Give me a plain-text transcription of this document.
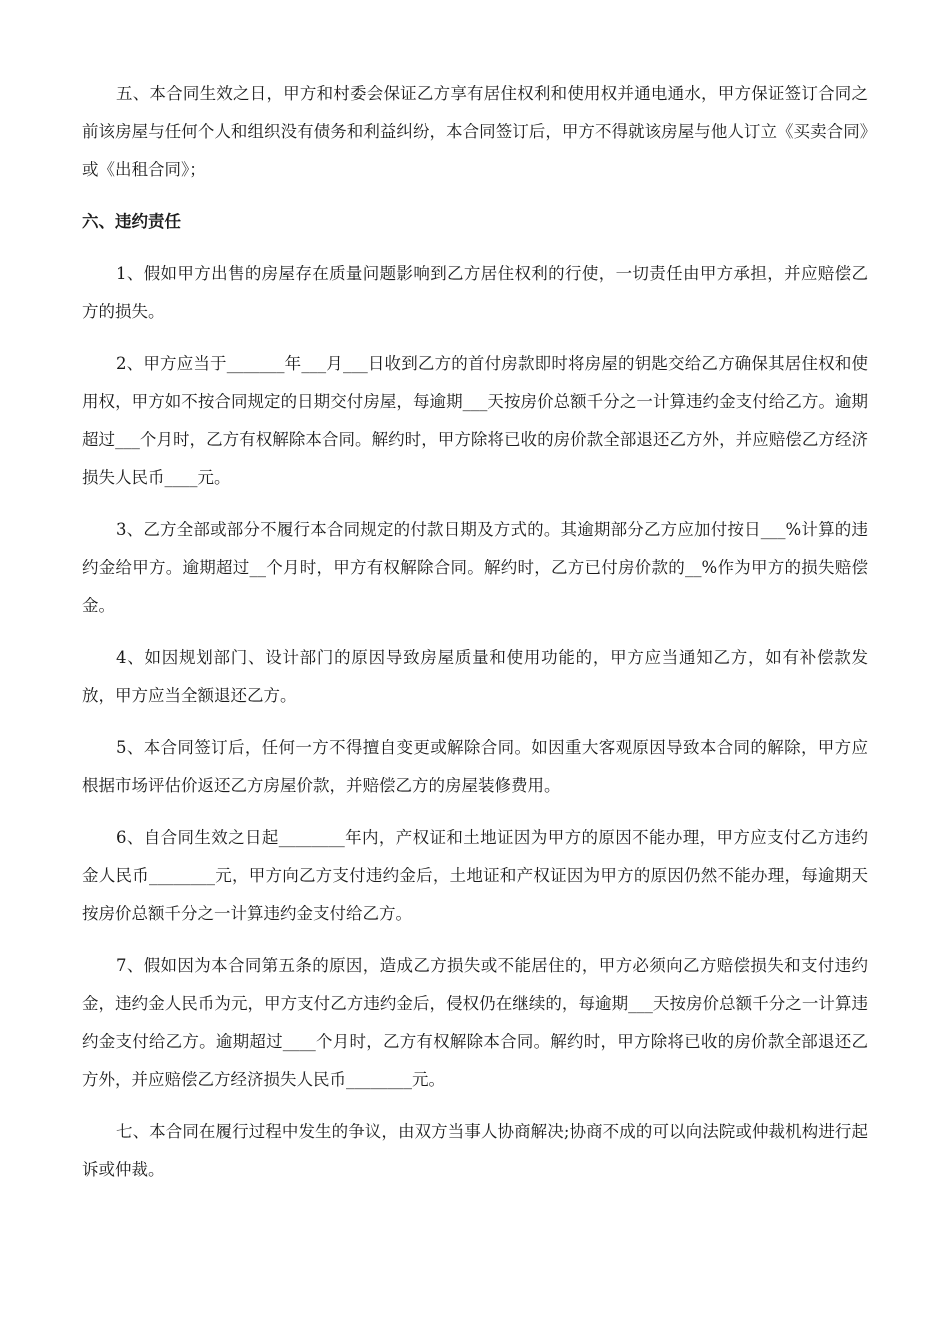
五、本合同生效之日，甲方和村委会保证乙方享有居住权利和使用权并通电通水，甲方保证签订合同之前该房屋与任何个人和组织没有债务和利益纠纷，本合同签订后，甲方不得就该房屋与他人订立《买卖合同》或《出租合同》；

六、违约责任

1、假如甲方出售的房屋存在质量问题影响到乙方居住权利的行使，一切责任由甲方承担，并应赔偿乙方的损失。

2、甲方应当于_______年___月___日收到乙方的首付房款即时将房屋的钥匙交给乙方确保其居住权和使用权，甲方如不按合同规定的日期交付房屋，每逾期___天按房价总额千分之一计算违约金支付给乙方。逾期超过___个月时，乙方有权解除本合同。解约时，甲方除将已收的房价款全部退还乙方外，并应赔偿乙方经济损失人民币____元。

3、乙方全部或部分不履行本合同规定的付款日期及方式的。其逾期部分乙方应加付按日___%计算的违约金给甲方。逾期超过__个月时，甲方有权解除合同。解约时，乙方已付房价款的__%作为甲方的损失赔偿金。

4、如因规划部门、设计部门的原因导致房屋质量和使用功能的，甲方应当通知乙方，如有补偿款发放，甲方应当全额退还乙方。

5、本合同签订后，任何一方不得擅自变更或解除合同。如因重大客观原因导致本合同的解除，甲方应根据市场评估价返还乙方房屋价款，并赔偿乙方的房屋装修费用。

6、自合同生效之日起________年内，产权证和土地证因为甲方的原因不能办理，甲方应支付乙方违约金人民币________元，甲方向乙方支付违约金后，土地证和产权证因为甲方的原因仍然不能办理，每逾期天按房价总额千分之一计算违约金支付给乙方。

7、假如因为本合同第五条的原因，造成乙方损失或不能居住的，甲方必须向乙方赔偿损失和支付违约金，违约金人民币为元，甲方支付乙方违约金后，侵权仍在继续的，每逾期___天按房价总额千分之一计算违约金支付给乙方。逾期超过____个月时，乙方有权解除本合同。解约时，甲方除将已收的房价款全部退还乙方外，并应赔偿乙方经济损失人民币________元。

七、本合同在履行过程中发生的争议，由双方当事人协商解决;协商不成的可以向法院或仲裁机构进行起诉或仲裁。
